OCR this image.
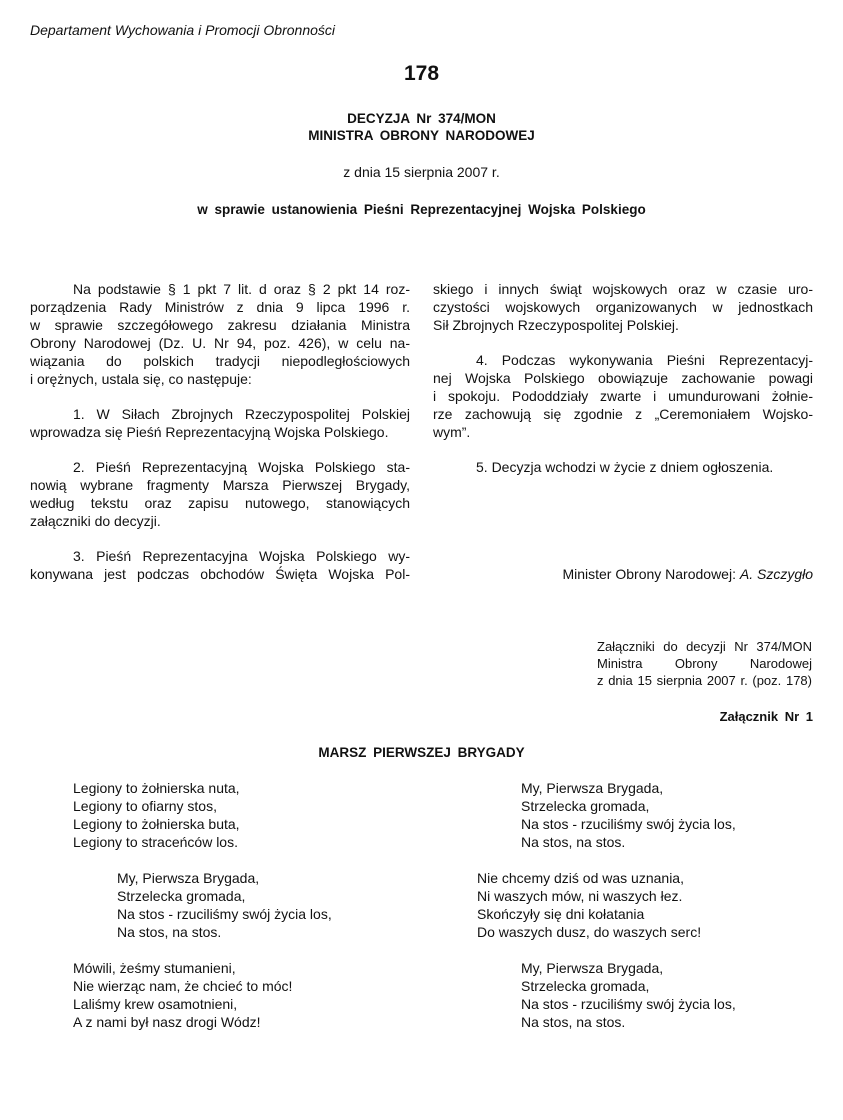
Departament Wychowania i Promocji Obronności
178
DECYZJA Nr 374/MON
MINISTRA OBRONY NARODOWEJ
z dnia 15 sierpnia 2007 r.
w sprawie ustanowienia Pieśni Reprezentacyjnej Wojska Polskiego
Na podstawie § 1 pkt 7 lit. d oraz § 2 pkt 14 roz-
porządzenia Rady Ministrów z dnia 9 lipca 1996 r.
w sprawie szczegółowego zakresu działania Ministra
Obrony Narodowej (Dz. U. Nr 94, poz. 426), w celu na-
wiązania do polskich tradycji niepodległościowych
i orężnych, ustala się, co następuje:
1. W Siłach Zbrojnych Rzeczypospolitej Polskiej
wprowadza się Pieśń Reprezentacyjną Wojska Polskiego.
2. Pieśń Reprezentacyjną Wojska Polskiego sta-
nowią wybrane fragmenty Marsza Pierwszej Brygady,
według tekstu oraz zapisu nutowego, stanowiących
załączniki do decyzji.
3. Pieśń Reprezentacyjna Wojska Polskiego wy-
konywana jest podczas obchodów Święta Wojska Pol-
skiego i innych świąt wojskowych oraz w czasie uro-
czystości wojskowych organizowanych w jednostkach
Sił Zbrojnych Rzeczypospolitej Polskiej.
4. Podczas wykonywania Pieśni Reprezentacyj-
nej Wojska Polskiego obowiązuje zachowanie powagi
i spokoju. Pododdziały zwarte i umundurowani żołnie-
rze zachowują się zgodnie z „Ceremoniałem Wojsko-
wym”.
5. Decyzja wchodzi w życie z dniem ogłoszenia.
Minister Obrony Narodowej: A. Szczygło
Załączniki do decyzji Nr 374/MON
Ministra Obrony Narodowej
z dnia 15 sierpnia 2007 r. (poz. 178)
Załącznik Nr 1
MARSZ PIERWSZEJ BRYGADY
Legiony to żołnierska nuta,
Legiony to ofiarny stos,
Legiony to żołnierska buta,
Legiony to straceńców los.
My, Pierwsza Brygada,
Strzelecka gromada,
Na stos - rzuciliśmy swój życia los,
Na stos, na stos.
Mówili, żeśmy stumanieni,
Nie wierząc nam, że chcieć to móc!
Laliśmy krew osamotnieni,
A z nami był nasz drogi Wódz!
My, Pierwsza Brygada,
Strzelecka gromada,
Na stos - rzuciliśmy swój życia los,
Na stos, na stos.
Nie chcemy dziś od was uznania,
Ni waszych mów, ni waszych łez.
Skończyły się dni kołatania
Do waszych dusz, do waszych serc!
My, Pierwsza Brygada,
Strzelecka gromada,
Na stos - rzuciliśmy swój życia los,
Na stos, na stos.
